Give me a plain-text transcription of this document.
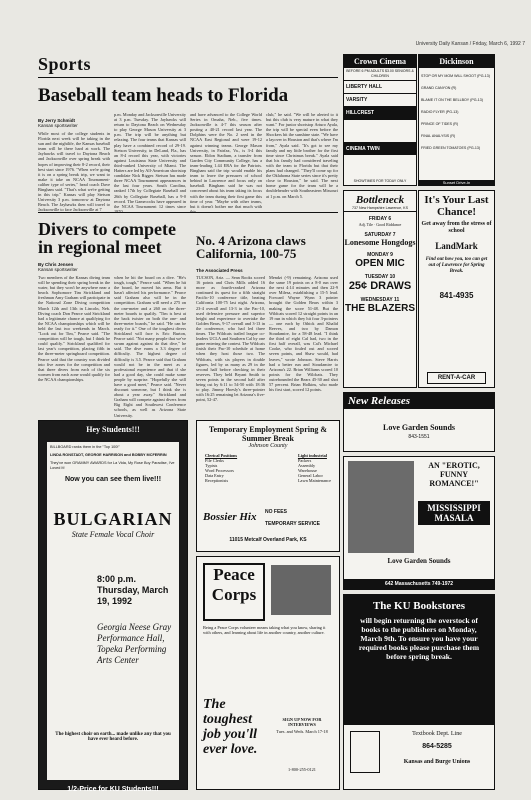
University Daily Kansan / Friday, March 6, 1992 7
Sports
Baseball team heads to Florida
By Jerry Schmidt
Kansan sportswriter
While most of the college students in Florida next week will be taking in the sun and the nightlife, the Kansas baseball team will be there hard at work. The Jayhawks will travel to Daytona Beach and Jacksonville over spring break with hopes of improving their 8-2 record, their best start since 1976. "When we're going it is on a spring break trip, we want to make it take an NCAA Tournament-caliber type of series," head coach Dave Bingham said. "That's what we're getting in this trip." Kansas will play Stetson University 3 p.m. tomorrow at Daytona Beach. The Jayhawks then will travel to Jacksonville to face Jacksonville at 7
p.m. Monday and Jacksonville University at 3 p.m. Tuesday. The Jayhawks will return to Daytona Beach on Wednesday to play George Mason University at 3 p.m. The trip will be anything but relaxing. The four teams that Kansas will play have a combined record of 29-19. Stetson University, in DeLand, Fla., has an 8-4 record this year, with victories against Louisiana State University and third-ranked University of Miami. The Hatters are led by All-American shortstop candidate Nick Rigger. Stetson has made three NCAA Tournament appearances in the last four years. South Carolina, ranked 17th by Collegiate Baseball and 26th by Collegiate Baseball, has a 9-0 record. The Gamecocks have appeared in the NCAA Tournament 12 times since
and have advanced to the College World Series in Omaha, Neb., five times. Jacksonville is 4-7 this season after posting a 40-21 record last year. The Dolphins were the No. 2 seed in the NCAA East Regional and were 19-12 against winning teams. George Mason University, in Fairfax, Va., is 3-4 this season. Eldon Stadium, a transfer from Garden City Community College, has a team-leading 1.44 ERA for the Patriots. Bingham said the trip would enable his team to leave the pressures of school behind in Lawrence and focus only on baseball. Bingham said he was not concerned about his team taking its focus with the team during their first game this time of year. "Maybe with other teams, but it doesn't bother me that much with
club," he said. "We will be alerted to it but this club is very mature in what they want." For junior shortstop Arturo Ayala, the trip will be special even before the Shockers hit the sunshine state. "We have a layover in Houston and that's where I'm from," Ayala said. "It's got to see my family and my little brother for the first time since Christmas break." Ayala said that his family had considered traveling with the team to Florida but that their plans had changed. "They'll come up for the Oklahoma State series since it's pretty close to Houston," he said. The next home game for the team will be a doubleheader with Southeastern Missouri at 1 p.m. on March 5.
Divers to compete in regional meet
By Chris Jensen
Kansan sportswriter
Two members of the Kansas diving team will be spending their spring break in the water, but they won't be anywhere near a beach. Sophomore Tim Strickland and freshman Amy Graham will participate in the National Zone Diving competition March 12th and 13th in Lincoln, Neb. Diving coach Don Pearce said Strickland had a legitimate chance at qualifying for the NCAA championships which will be held the last two weekends in March. "Look out for Tim," Pearce said. "The competition will be tough, but I think he could qualify." Strickland qualified for last year's competition, placing fifth in the three-meter springboard competition. Pearce said that the country was divided into five zones for the competition and that three divers from each of the six women from each zone would qualify for the NCAA championships.
when he hit the board on a dive. "He's tough, tough," Pearce said. "When he hit the board, he moved his arms. But it hasn't affected his performance." Pearce said Graham also will be in the competition. Graham will need a 275 on the one-meter and a 260 on the three-meter boards to qualify. "Tim is best at the back twister on both the one- and three-meter boards," he said. "He can be ready for it." One of the toughest divers Strickland will face is Eric Burton, Pearce said. "Not many people that we've swum against against do that dive," he said. The dive earns a 3.3 degree of difficulty. The highest degree of difficulty is 3.5. Pearce said that Graham would not be in the meet as a professional experience and that if she had a good day, she could make some people by surprise. "Hopefully she will have a good meet," Pearce said. "Never discount someone, but I think she is about a year away." Strickland and Graham will compete against divers from Big Eight and Southwest Conference schools, as well as Arizona State University.
No. 4 Arizona claws California, 100-75
The Associated Press
TUCSON, Ariz. — Sean Rooks scored 16 points and Chris Mills added 16 more as fourth-ranked Arizona continued its quest for a fifth straight Pacific-10 conference title, beating California 100-75 last night. Arizona, 23-4 overall and 13-3 in the Pac-10, used defensive pressure and superior height and experience to overtake the Golden Bears, 9-17 overall and 3-13 in the conference, who had led three times. The Wildcats trailed league co-leaders UCLA and Southern Cal by one game entering the contest. The Wildcats finish their Pac-10 schedule at home when they host those two. The Wildcats, with six players in double figures, led by as many as 29 in the second half before checking in their reserves. They held Bryant Smith to seven points in the second half after being cut by 6:11 to 54-50 with 18:36 to play. Jimmy Hoesly's three-pointer with 16:25 remaining let Arizona's five-point, 52-47.
Mendzi (-9) remaining. Arizona used the same 19 points on a 8-0 run over the next 4:14 minutes and then 22-9 over Milesa, establishing a 15-5 lead. Forward Wayne Wynn 3 pointer brought the Golden Bears within 3 making the score 51-48. But the Wildcats scored 12 straight points in an 19 run in which they hit four 3-pointers — one each by Othick and Khalid Reeves, and two by Damon Stoudamire, for a 58-48 lead. "I think the third of eight Cal had, two in the first half overall, was Cal's Michael Cooke, who fouled out and scored seven points, and Shaw would, had leaves," wrote Johnson. Steve Harris had a better run and Stoudamire to Arizona's 22. Brian Williams scored 10 points for the Wildcats. They outrebounded the Bears 45-30 and shot 57 percent. Brian Holkins, who made his first start, scored 12 points.
Crown Cinema
BEFORE 6 PM ADULTS $3.00 SENIORS & CHILDREN
LIBERTY HALL
VARSITY
HILLCREST
CINEMA TWIN
SHOWTIMES FOR TODAY ONLY
Dickinson
STOP OR MY MOM WILL SHOOT (PG-13)
GRAND CANYON (R)
BLAME IT ON THE BELLBOY (PG-13)
RADIO FLYER (PG-13)
PRINCE OF TIDES (R)
FINAL ANALYSIS (R)
FRIED GREEN TOMATOES (PG-13)
Sunset Drive-In
Bottleneck
737 New Hampshire Lawrence, KS
FRIDAY 6
Adj. Tile · Good Riddance
SATURDAY 7
Lonesome Hongdogs
MONDAY 9
OPEN MIC
TUESDAY 10
25¢ DRAWS
WEDNESDAY 11
THE BLAZERS
It's Your Last Chance!
Get away from the stress of school
LandMark
Find out how you, too can get out of Lawrence for Spring Break.
841-4935
RENT-A-CAR
Hey Students!!!
BILLBOARD ranks them in the "Top 100!"
LINDA RONSTADT, GEORGE HARRISON and BOBBY MCFERRIN
They've won GRAMMY AWARDS for La Vida, My Rose Boy Paradise, I've Loved It!
Now you can see them live!!!
BULGARIAN
State Female Vocal Choir
8:00 p.m. Thursday, March 19, 1992
Georgia Neese Gray Performance Hall, Topeka Performing Arts Center
The highest choir on earth... made unlike any that you have ever heard before.
1/2-Price for KU Students!!!
Temporary Employment Spring & Summer Break
Johnson County
Clerical Positions
File Clerks
Typists
Word Processors
Data Entry
Receptionists
Light industrial
Packers
Assembly
Warehouse
General Labor
Lawn Maintenance
Bossier Hix NO FEES
TEMPORARY SERVICE
11015 Metcalf Overland Park, KS
Peace Corps
Being a Peace Corps volunteer means taking what you know, sharing it with others, and learning about life in another country, another culture.
The toughest job you'll ever love.
SIGN UP NOW FOR INTERVIEWS
Tues. and Weds. March 17-18
1-800-255-0121
New Releases
Love Garden Sounds
843-1551
AN "EROTIC, FUNNY ROMANCE!"
MISSISSIPPI MASALA
Love Garden Sounds
642 Massachusetts 749-1972
The KU Bookstores
will begin returning the overstock of books to the publishers on Monday, March 9th. To ensure you have your required books please purchase them before spring break.
Textbook Dept. Line
864-5285
Kansas and Burge Unions
